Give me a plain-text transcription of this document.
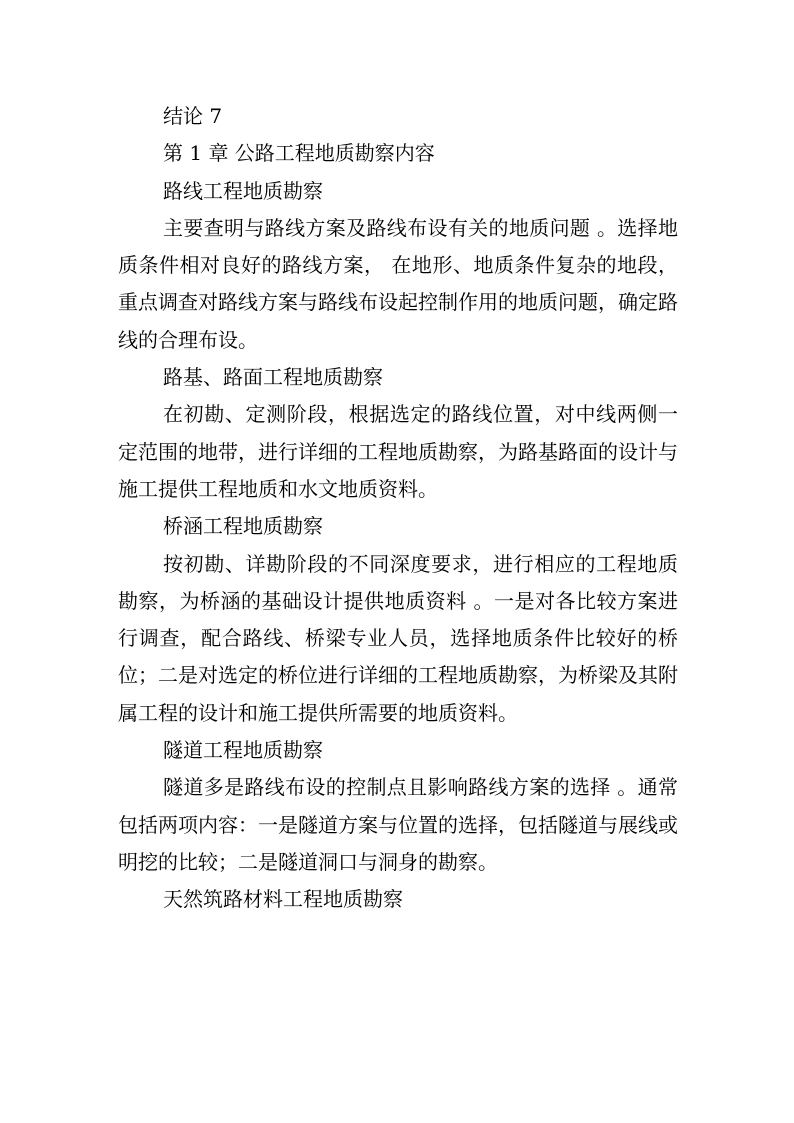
结论 7

第 1 章 公路工程地质勘察内容

路线工程地质勘察

主要查明与路线方案及路线布设有关的地质问题 。选择地质条件相对良好的路线方案， 在地形、地质条件复杂的地段，重点调查对路线方案与路线布设起控制作用的地质问题，确定路线的合理布设。

路基、路面工程地质勘察

在初勘、定测阶段，根据选定的路线位置，对中线两侧一定范围的地带，进行详细的工程地质勘察，为路基路面的设计与施工提供工程地质和水文地质资料。

桥涵工程地质勘察

按初勘、详勘阶段的不同深度要求，进行相应的工程地质勘察，为桥涵的基础设计提供地质资料 。一是对各比较方案进行调查，配合路线、桥梁专业人员，选择地质条件比较好的桥位；二是对选定的桥位进行详细的工程地质勘察，为桥梁及其附属工程的设计和施工提供所需要的地质资料。

隧道工程地质勘察

隧道多是路线布设的控制点且影响路线方案的选择 。通常包括两项内容：一是隧道方案与位置的选择，包括隧道与展线或明挖的比较；二是隧道洞口与洞身的勘察。

天然筑路材料工程地质勘察
